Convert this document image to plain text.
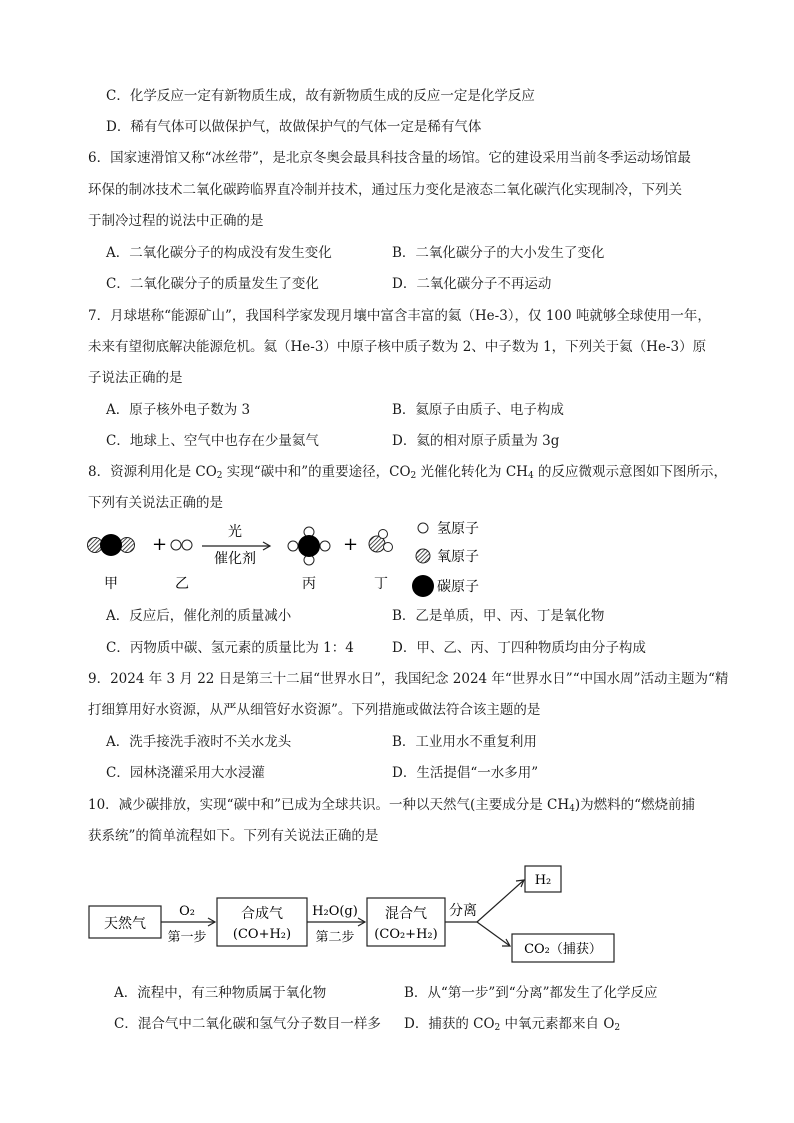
C．化学反应一定有新物质生成，故有新物质生成的反应一定是化学反应
D．稀有气体可以做保护气，故做保护气的气体一定是稀有气体
6．国家速滑馆又称“冰丝带”，是北京冬奥会最具科技含量的场馆。它的建设采用当前冬季运动场馆最
环保的制冰技术二氧化碳跨临界直冷制并技术，通过压力变化是液态二氧化碳汽化实现制冷，下列关
于制冷过程的说法中正确的是
A．二氧化碳分子的构成没有发生变化	B．二氧化碳分子的大小发生了变化
C．二氧化碳分子的质量发生了变化	D．二氧化碳分子不再运动
7．月球堪称“能源矿山”，我国科学家发现月壤中富含丰富的氦（He-3），仅 100 吨就够全球使用一年，
未来有望彻底解决能源危机。氦（He-3）中原子核中质子数为 2、中子数为 1，下列关于氦（He-3）原
子说法正确的是
A．原子核外电子数为 3	B．氦原子由质子、电子构成
C．地球上、空气中也存在少量氦气	D．氦的相对原子质量为 3g
8．资源利用化是 $CO_2$ 实现“碳中和”的重要途径，$CO_2$ 光催化转化为 $CH_4$ 的反应微观示意图如下图所示，
下列有关说法正确的是
+
光
催化剂
+
氢原子
氧原子
碳原子
甲	乙	丙	丁
A．反应后，催化剂的质量减小	B．乙是单质，甲、丙、丁是氧化物
C．丙物质中碳、氢元素的质量比为 1：4	D．甲、乙、丙、丁四种物质均由分子构成
9．2024 年 3 月 22 日是第三十二届“世界水日”，我国纪念 2024 年“世界水日”“中国水周”活动主题为“精
打细算用好水资源，从严从细管好水资源”。下列措施或做法符合该主题的是
A．洗手接洗手液时不关水龙头	B．工业用水不重复利用
C．园林浇灌采用大水浸灌	D．生活提倡“一水多用”
10．减少碳排放，实现“碳中和”已成为全球共识。一种以天然气(主要成分是 $CH_4$)为燃料的“燃烧前捕
获系统”的简单流程如下。下列有关说法正确的是
天然气
O₂
第一步
合成气
(CO+H₂)
H₂O(g)
第二步
混合气
(CO₂+H₂)
分离
H₂
CO₂（捕获）
A．流程中，有三种物质属于氧化物	B．从“第一步”到“分离”都发生了化学反应
C．混合气中二氧化碳和氢气分子数目一样多 D．捕获的 $CO_2$ 中氧元素都来自 $O_2$
